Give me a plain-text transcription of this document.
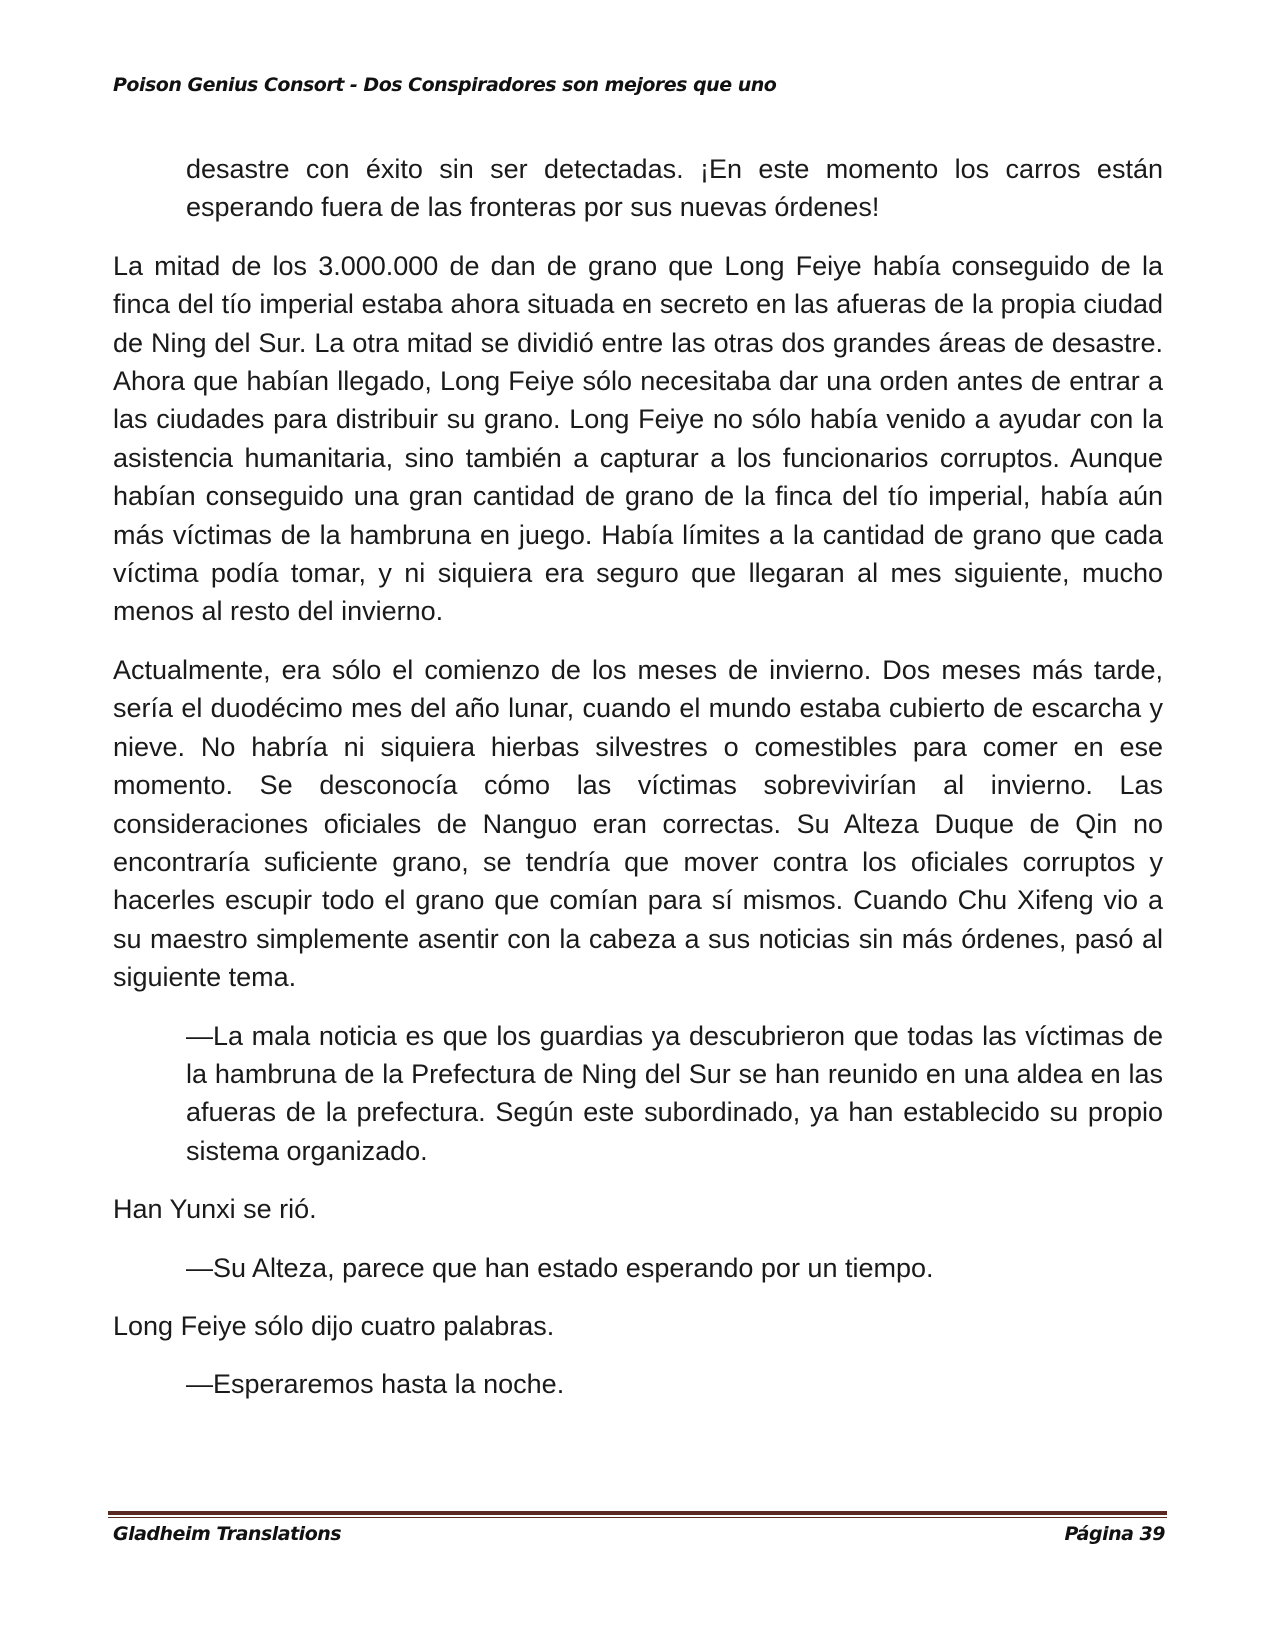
Poison Genius Consort - Dos Conspiradores son mejores que uno

desastre con éxito sin ser detectadas. ¡En este momento los carros están esperando fuera de las fronteras por sus nuevas órdenes!

La mitad de los 3.000.000 de dan de grano que Long Feiye había conseguido de la finca del tío imperial estaba ahora situada en secreto en las afueras de la propia ciudad de Ning del Sur. La otra mitad se dividió entre las otras dos grandes áreas de desastre. Ahora que habían llegado, Long Feiye sólo necesitaba dar una orden antes de entrar a las ciudades para distribuir su grano. Long Feiye no sólo había venido a ayudar con la asistencia humanitaria, sino también a capturar a los funcionarios corruptos. Aunque habían conseguido una gran cantidad de grano de la finca del tío imperial, había aún más víctimas de la hambruna en juego. Había límites a la cantidad de grano que cada víctima podía tomar, y ni siquiera era seguro que llegaran al mes siguiente, mucho menos al resto del invierno.

Actualmente, era sólo el comienzo de los meses de invierno. Dos meses más tarde, sería el duodécimo mes del año lunar, cuando el mundo estaba cubierto de escarcha y nieve. No habría ni siquiera hierbas silvestres o comestibles para comer en ese momento. Se desconocía cómo las víctimas sobrevivirían al invierno. Las consideraciones oficiales de Nanguo eran correctas. Su Alteza Duque de Qin no encontraría suficiente grano, se tendría que mover contra los oficiales corruptos y hacerles escupir todo el grano que comían para sí mismos. Cuando Chu Xifeng vio a su maestro simplemente asentir con la cabeza a sus noticias sin más órdenes, pasó al siguiente tema.

—La mala noticia es que los guardias ya descubrieron que todas las víctimas de la hambruna de la Prefectura de Ning del Sur se han reunido en una aldea en las afueras de la prefectura. Según este subordinado, ya han establecido su propio sistema organizado.

Han Yunxi se rió.

—Su Alteza, parece que han estado esperando por un tiempo.

Long Feiye sólo dijo cuatro palabras.

—Esperaremos hasta la noche.

Gladheim Translations	Página 39
